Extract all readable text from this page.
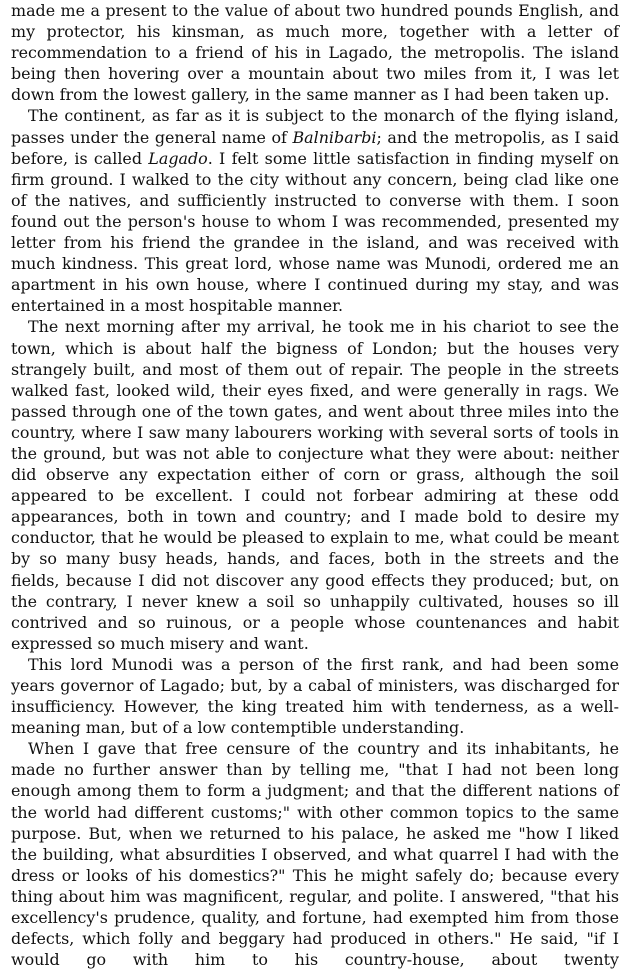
made me a present to the value of about two hundred pounds English, and my protector, his kinsman, as much more, together with a letter of recommendation to a friend of his in Lagado, the metropolis. The island being then hovering over a mountain about two miles from it, I was let down from the lowest gallery, in the same manner as I had been taken up.

The continent, as far as it is subject to the monarch of the flying island, passes under the general name of Balnibarbi; and the metropolis, as I said before, is called Lagado. I felt some little satisfaction in finding myself on firm ground. I walked to the city without any concern, being clad like one of the natives, and sufficiently instructed to converse with them. I soon found out the person's house to whom I was recommended, presented my letter from his friend the grandee in the island, and was received with much kindness. This great lord, whose name was Munodi, ordered me an apartment in his own house, where I continued during my stay, and was entertained in a most hospitable manner.

The next morning after my arrival, he took me in his chariot to see the town, which is about half the bigness of London; but the houses very strangely built, and most of them out of repair. The people in the streets walked fast, looked wild, their eyes fixed, and were generally in rags. We passed through one of the town gates, and went about three miles into the country, where I saw many labourers working with several sorts of tools in the ground, but was not able to conjecture what they were about: neither did observe any expectation either of corn or grass, although the soil appeared to be excellent. I could not forbear admiring at these odd appearances, both in town and country; and I made bold to desire my conductor, that he would be pleased to explain to me, what could be meant by so many busy heads, hands, and faces, both in the streets and the fields, because I did not discover any good effects they produced; but, on the contrary, I never knew a soil so unhappily cultivated, houses so ill contrived and so ruinous, or a people whose countenances and habit expressed so much misery and want.

This lord Munodi was a person of the first rank, and had been some years governor of Lagado; but, by a cabal of ministers, was discharged for insufficiency. However, the king treated him with tenderness, as a well-meaning man, but of a low contemptible understanding.

When I gave that free censure of the country and its inhabitants, he made no further answer than by telling me, "that I had not been long enough among them to form a judgment; and that the different nations of the world had different customs;" with other common topics to the same purpose. But, when we returned to his palace, he asked me "how I liked the building, what absurdities I observed, and what quarrel I had with the dress or looks of his domestics?" This he might safely do; because every thing about him was magnificent, regular, and polite. I answered, "that his excellency's prudence, quality, and fortune, had exempted him from those defects, which folly and beggary had produced in others." He said, "if I would go with him to his country-house, about twenty
